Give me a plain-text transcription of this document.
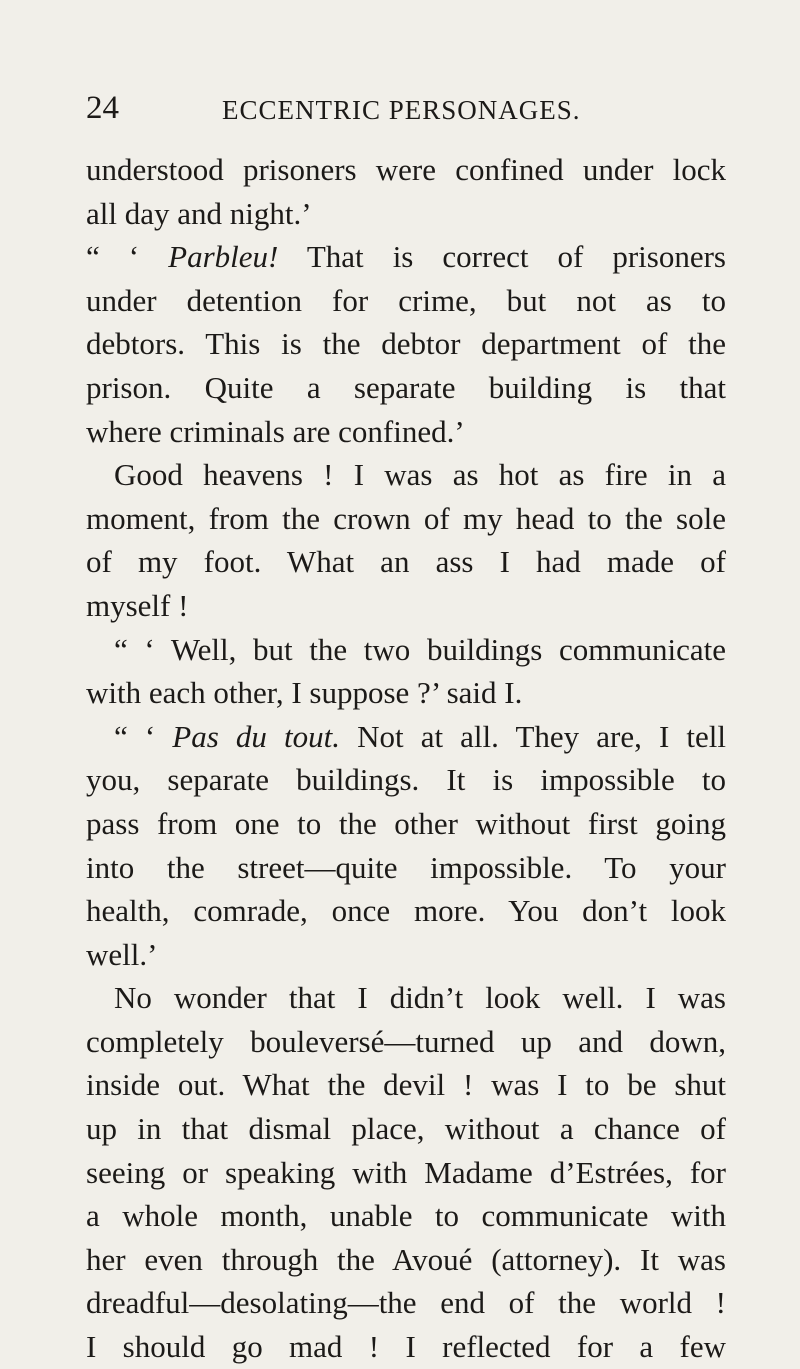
24	ECCENTRIC PERSONAGES.
understood prisoners were confined under lock
all day and night.’
“ ‘ Parbleu! That is correct of prisoners
under detention for crime, but not as to
debtors. This is the debtor department of the
prison. Quite a separate building is that
where criminals are confined.’
Good heavens ! I was as hot as fire in a
moment, from the crown of my head to the sole
of my foot. What an ass I had made of
myself !
“ ‘ Well, but the two buildings communicate
with each other, I suppose ?’ said I.
“ ‘ Pas du tout. Not at all. They are, I tell
you, separate buildings. It is impossible to
pass from one to the other without first going
into the street—quite impossible. To your
health, comrade, once more. You don’t look
well.’
No wonder that I didn’t look well. I was
completely bouleversé—turned up and down,
inside out. What the devil ! was I to be shut
up in that dismal place, without a chance of
seeing or speaking with Madame d’Estrées, for
a whole month, unable to communicate with
her even through the Avoué (attorney). It was
dreadful—desolating—the end of the world !
I should go mad ! I reflected for a few
